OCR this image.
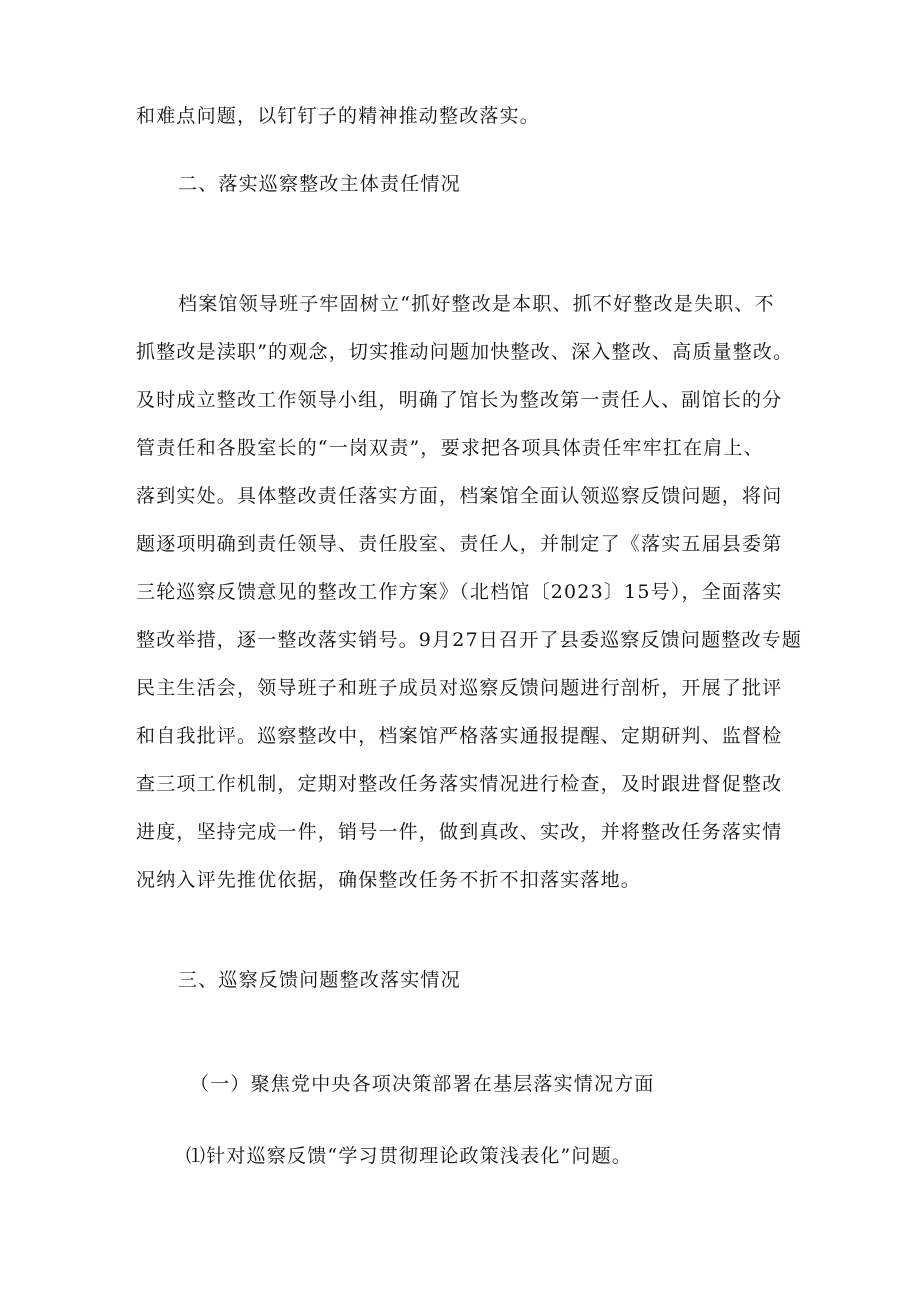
和难点问题，以钉钉子的精神推动整改落实。
二、落实巡察整改主体责任情况
档案馆领导班子牢固树立“抓好整改是本职、抓不好整改是失职、不
抓整改是渎职”的观念，切实推动问题加快整改、深入整改、高质量整改。
及时成立整改工作领导小组，明确了馆长为整改第一责任人、副馆长的分
管责任和各股室长的“一岗双责”，要求把各项具体责任牢牢扛在肩上、
落到实处。具体整改责任落实方面，档案馆全面认领巡察反馈问题，将问
题逐项明确到责任领导、责任股室、责任人，并制定了《落实五届县委第
三轮巡察反馈意见的整改工作方案》（北档馆〔2023〕15号），全面落实
整改举措，逐一整改落实销号。9月27日召开了县委巡察反馈问题整改专题
民主生活会，领导班子和班子成员对巡察反馈问题进行剖析，开展了批评
和自我批评。巡察整改中，档案馆严格落实通报提醒、定期研判、监督检
查三项工作机制，定期对整改任务落实情况进行检查，及时跟进督促整改
进度，坚持完成一件，销号一件，做到真改、实改，并将整改任务落实情
况纳入评先推优依据，确保整改任务不折不扣落实落地。
三、巡察反馈问题整改落实情况
（一）聚焦党中央各项决策部署在基层落实情况方面
⑴针对巡察反馈“学习贯彻理论政策浅表化”问题。
